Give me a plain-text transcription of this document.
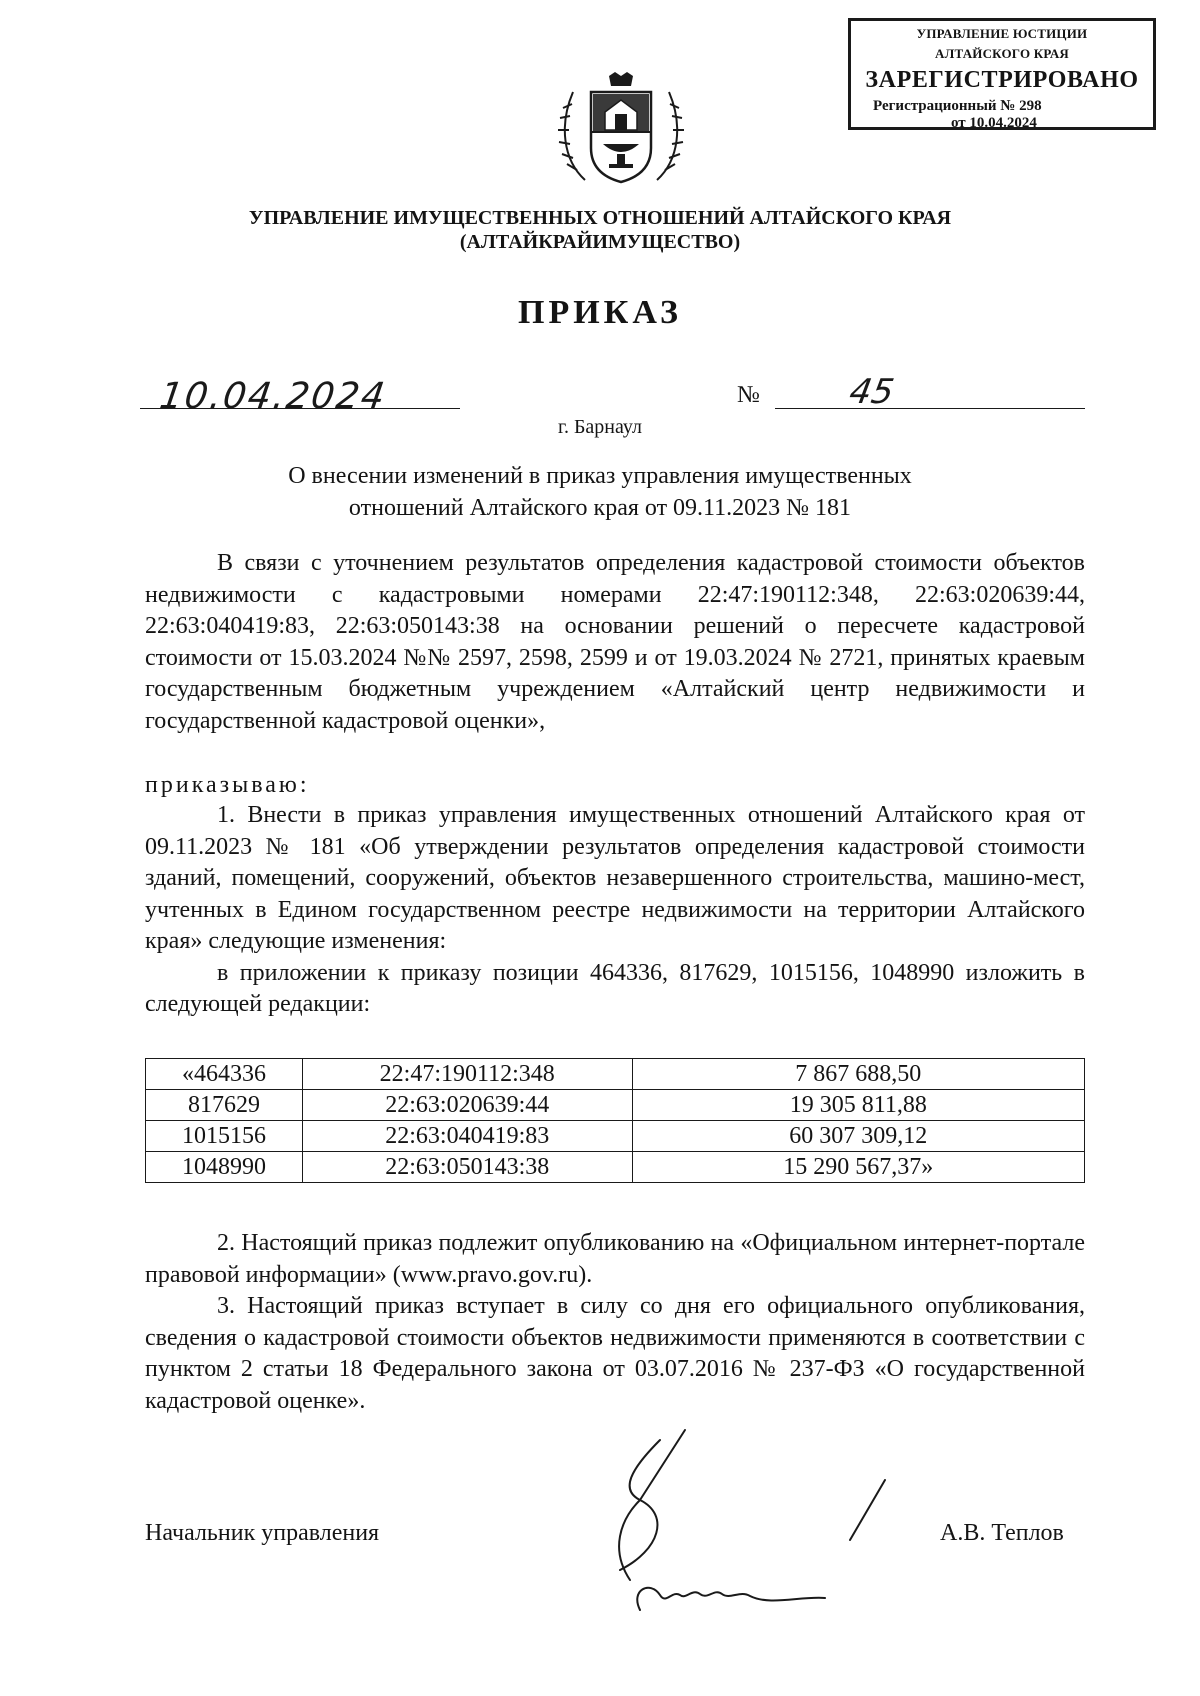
УПРАВЛЕНИЕ ЮСТИЦИИ
АЛТАЙСКОГО КРАЯ
ЗАРЕГИСТРИРОВАНО
Регистрационный № 298
от 10.04.2024
УПРАВЛЕНИЕ ИМУЩЕСТВЕННЫХ ОТНОШЕНИЙ АЛТАЙСКОГО КРАЯ
(АЛТАЙКРАЙИМУЩЕСТВО)
ПРИКАЗ
10.04.2024	№	45
г. Барнаул
О внесении изменений в приказ управления имущественных
отношений Алтайского края от 09.11.2023 № 181
В связи с уточнением результатов определения кадастровой стоимости объектов недвижимости с кадастровыми номерами 22:47:190112:348, 22:63:020639:44, 22:63:040419:83, 22:63:050143:38 на основании решений о пересчете кадастровой стоимости от 15.03.2024 №№ 2597, 2598, 2599 и от 19.03.2024 № 2721, принятых краевым государственным бюджетным учреждением «Алтайский центр недвижимости и государственной кадастровой оценки»,
приказываю:
1. Внести в приказ управления имущественных отношений Алтайского края от 09.11.2023 № 181 «Об утверждении результатов определения кадастровой стоимости зданий, помещений, сооружений, объектов незавершенного строительства, машино-мест, учтенных в Едином государственном реестре недвижимости на территории Алтайского края» следующие изменения:
в приложении к приказу позиции 464336, 817629, 1015156, 1048990 изложить в следующей редакции:
«464336	22:47:190112:348	7 867 688,50
817629	22:63:020639:44	19 305 811,88
1015156	22:63:040419:83	60 307 309,12
1048990	22:63:050143:38	15 290 567,37»
2. Настоящий приказ подлежит опубликованию на «Официальном интернет-портале правовой информации» (www.pravo.gov.ru).
3. Настоящий приказ вступает в силу со дня его официального опубликования, сведения о кадастровой стоимости объектов недвижимости применяются в соответствии с пунктом 2 статьи 18 Федерального закона от 03.07.2016 № 237-ФЗ «О государственной кадастровой оценке».
Начальник управления	А.В. Теплов
